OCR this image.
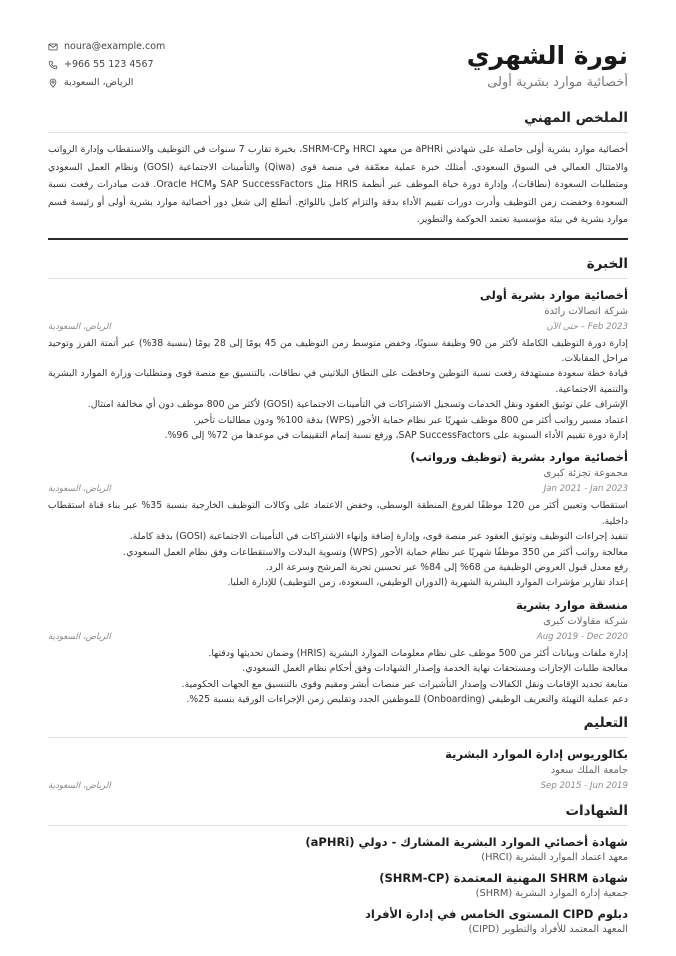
نورة الشهري
أخصائية موارد بشرية أولى
noura@example.com
+966 55 123 4567
الرياض، السعودية
الملخص المهني

أخصائية موارد بشرية أولى حاصلة على شهادتي aPHRi من معهد HRCI وSHRM-CP، بخبرة تقارب 7 سنوات في التوظيف والاستقطاب وإدارة الرواتب والامتثال العمالي في السوق السعودي. أمتلك خبرة عملية معمّقة في منصة قوى (Qiwa) والتأمينات الاجتماعية (GOSI) ونظام العمل السعودي ومتطلبات السعودة (نطاقات)، وإدارة دورة حياة الموظف عبر أنظمة HRIS مثل SAP SuccessFactors وOracle HCM. قدت مبادرات رفعت نسبة السعودة وخفضت زمن التوظيف وأدرت دورات تقييم الأداء بدقة والتزام كامل باللوائح. أتطلع إلى شغل دور أخصائية موارد بشرية أولى أو رئيسة قسم موارد بشرية في بيئة مؤسسية تعتمد الحوكمة والتطوير.

الخبرة
أخصائية موارد بشرية أولى
شركة اتصالات رائدة
Feb 2023 – حتى الآن
الرياض، السعودية
إدارة دورة التوظيف الكاملة لأكثر من 90 وظيفة سنويًا، وخفض متوسط زمن التوظيف من 45 يومًا إلى 28 يومًا (بنسبة 38%) عبر أتمتة الفرز وتوحيد مراحل المقابلات.
قيادة خطة سعودة مستهدفة رفعت نسبة التوطين وحافظت على النطاق البلاتيني في نطاقات، بالتنسيق مع منصة قوى ومتطلبات وزارة الموارد البشرية والتنمية الاجتماعية.
الإشراف على توثيق العقود ونقل الخدمات وتسجيل الاشتراكات في التأمينات الاجتماعية (GOSI) لأكثر من 800 موظف دون أي مخالفة امتثال.
اعتماد مسير رواتب أكثر من 800 موظف شهريًا عبر نظام حماية الأجور (WPS) بدقة 100% ودون مطالبات تأخير.
إدارة دورة تقييم الأداء السنوية على SAP SuccessFactors، ورفع نسبة إتمام التقييمات في موعدها من 72% إلى 96%.
أخصائية موارد بشرية (توظيف ورواتب)
مجموعة تجزئة كبرى
Jan 2021 - Jan 2023
الرياض، السعودية
استقطاب وتعيين أكثر من 120 موظفًا لفروع المنطقة الوسطى، وخفض الاعتماد على وكالات التوظيف الخارجية بنسبة 35% عبر بناء قناة استقطاب داخلية.
تنفيذ إجراءات التوظيف وتوثيق العقود عبر منصة قوى، وإدارة إضافة وإنهاء الاشتراكات في التأمينات الاجتماعية (GOSI) بدقة كاملة.
معالجة رواتب أكثر من 350 موظفًا شهريًا عبر نظام حماية الأجور (WPS) وتسوية البدلات والاستقطاعات وفق نظام العمل السعودي.
رفع معدل قبول العروض الوظيفية من 68% إلى 84% عبر تحسين تجربة المرشح وسرعة الرد.
إعداد تقارير مؤشرات الموارد البشرية الشهرية (الدوران الوظيفي، السعودة، زمن التوظيف) للإدارة العليا.
منسقة موارد بشرية
شركة مقاولات كبرى
Aug 2019 - Dec 2020
الرياض، السعودية
إدارة ملفات وبيانات أكثر من 500 موظف على نظام معلومات الموارد البشرية (HRIS) وضمان تحديثها ودقتها.
معالجة طلبات الإجازات ومستحقات نهاية الخدمة وإصدار الشهادات وفق أحكام نظام العمل السعودي.
متابعة تجديد الإقامات ونقل الكفالات وإصدار التأشيرات عبر منصات أبشر ومقيم وقوى بالتنسيق مع الجهات الحكومية.
دعم عملية التهيئة والتعريف الوظيفي (Onboarding) للموظفين الجدد وتقليص زمن الإجراءات الورقية بنسبة 25%.
التعليم
بكالوريوس إدارة الموارد البشرية
جامعة الملك سعود
Sep 2015 - Jun 2019
الرياض، السعودية
الشهادات
شهادة أخصائي الموارد البشرية المشارك - دولي (aPHRi)
معهد اعتماد الموارد البشرية (HRCI)
شهادة SHRM المهنية المعتمدة (SHRM-CP)
جمعية إدارة الموارد البشرية (SHRM)
دبلوم CIPD المستوى الخامس في إدارة الأفراد
المعهد المعتمد للأفراد والتطوير (CIPD)
